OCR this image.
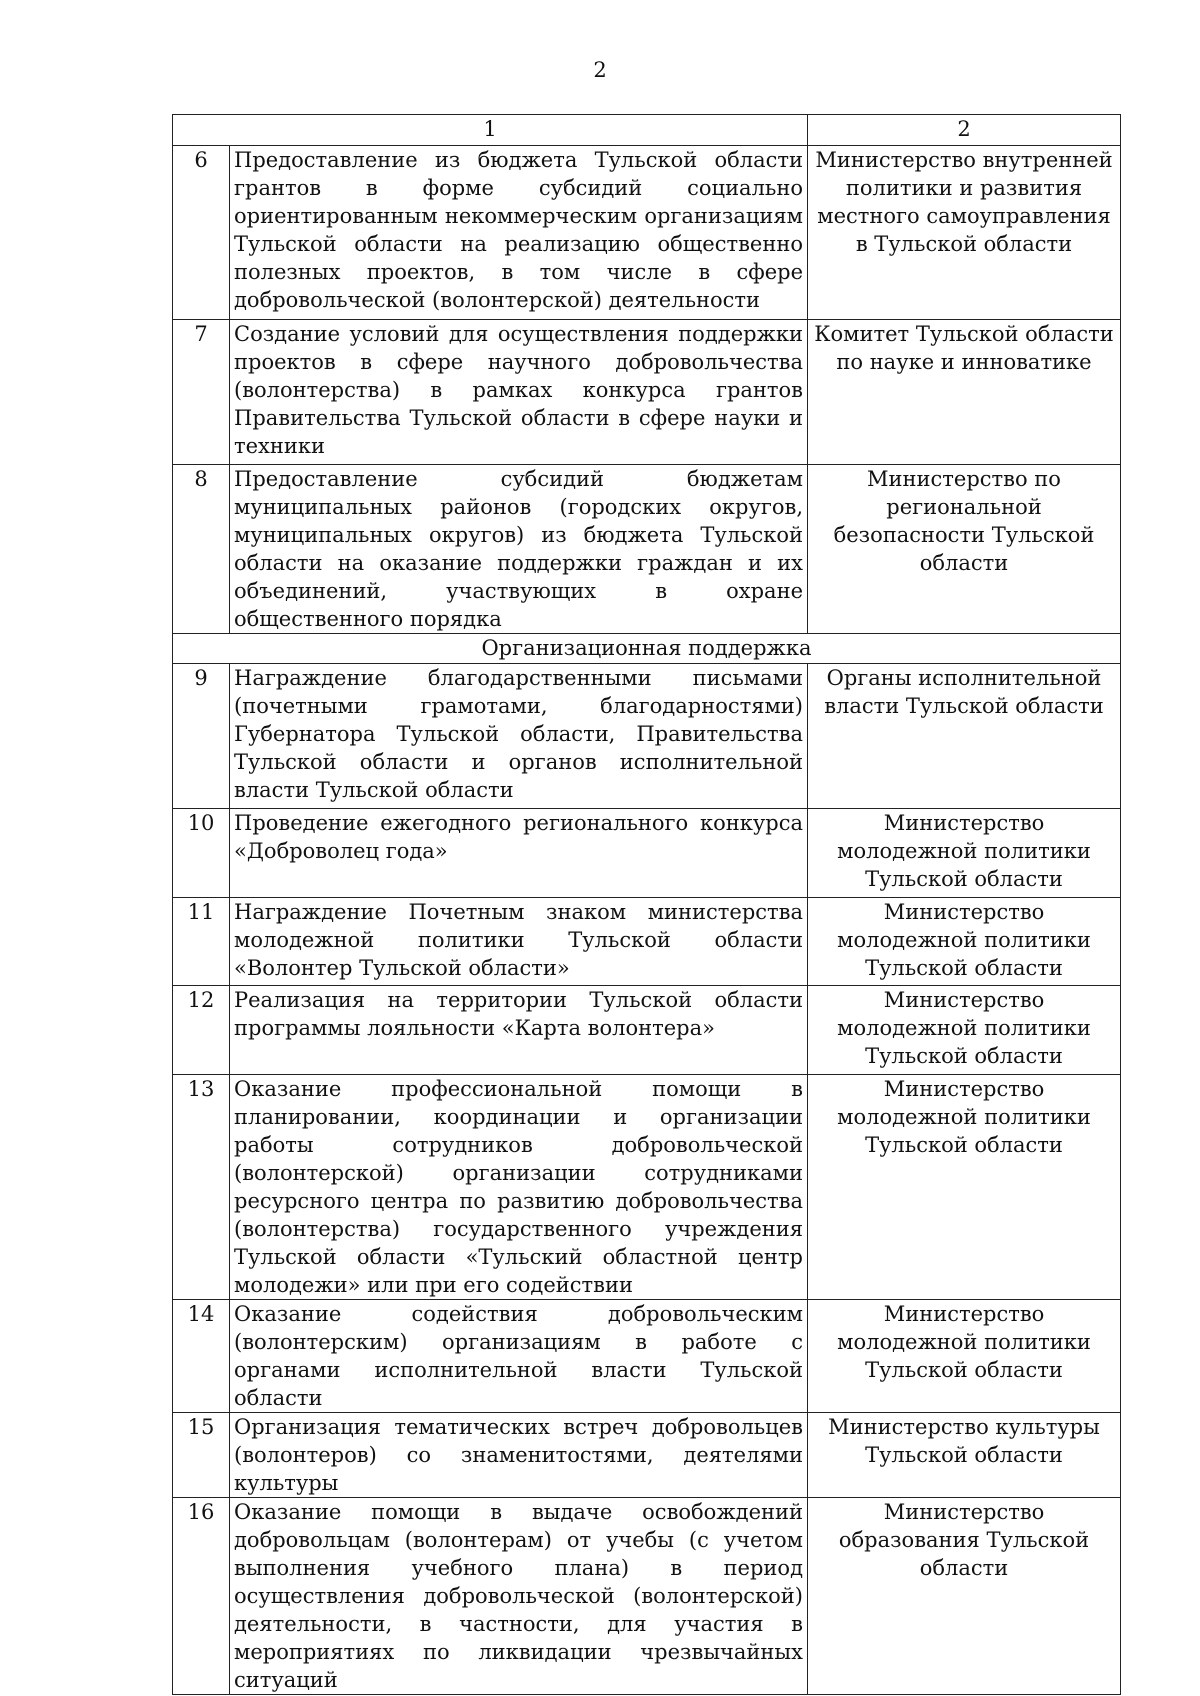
2
1		2
6	Предоставление из бюджета Тульской области грантов в форме субсидий социально ориентированным некоммерческим организациям Тульской области на реализацию общественно полезных проектов, в том числе в сфере добровольческой (волонтерской) деятельности	Министерство внутренней политики и развития местного самоуправления в Тульской области
7	Создание условий для осуществления поддержки проектов в сфере научного добровольчества (волонтерства) в рамках конкурса грантов Правительства Тульской области в сфере науки и техники	Комитет Тульской области по науке и инноватике
8	Предоставление субсидий бюджетам муниципальных районов (городских округов, муниципальных округов) из бюджета Тульской области на оказание поддержки граждан и их объединений, участвующих в охране общественного порядка	Министерство по региональной безопасности Тульской области
Организационная поддержка		
9	Награждение благодарственными письмами (почетными грамотами, благодарностями) Губернатора Тульской области, Правительства Тульской области и органов исполнительной власти Тульской области	Органы исполнительной власти Тульской области
10	Проведение ежегодного регионального конкурса «Доброволец года»	Министерство молодежной политики Тульской области
11	Награждение Почетным знаком министерства молодежной политики Тульской области «Волонтер Тульской области»	Министерство молодежной политики Тульской области
12	Реализация на территории Тульской области программы лояльности «Карта волонтера»	Министерство молодежной политики Тульской области
13	Оказание профессиональной помощи в планировании, координации и организации работы сотрудников добровольческой (волонтерской) организации сотрудниками ресурсного центра по развитию добровольчества (волонтерства) государственного учреждения Тульской области «Тульский областной центр молодежи» или при его содействии	Министерство молодежной политики Тульской области
14	Оказание содействия добровольческим (волонтерским) организациям в работе с органами исполнительной власти Тульской области	Министерство молодежной политики Тульской области
15	Организация тематических встреч добровольцев (волонтеров) со знаменитостями, деятелями культуры	Министерство культуры Тульской области
16	Оказание помощи в выдаче освобождений добровольцам (волонтерам) от учебы (с учетом выполнения учебного плана) в период осуществления добровольческой (волонтерской) деятельности, в частности, для участия в мероприятиях по ликвидации чрезвычайных ситуаций	Министерство образования Тульской области
